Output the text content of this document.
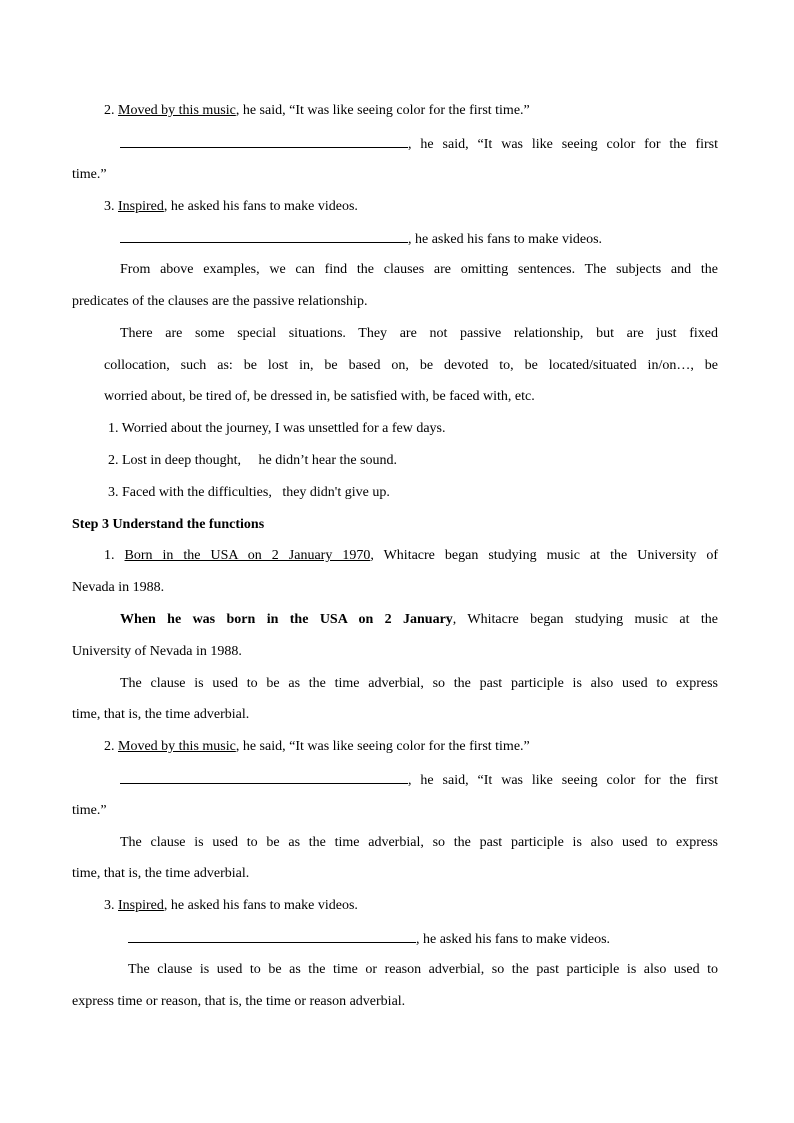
2. Moved by this music, he said, “It was like seeing color for the first time.”

, he said, “It was like seeing color for the first

time.”

3. Inspired, he asked his fans to make videos.

, he asked his fans to make videos.

From above examples, we can find the clauses are omitting sentences. The subjects and the

predicates of the clauses are the passive relationship.

There are some special situations. They are not passive relationship, but are just fixed

collocation, such as: be lost in, be based on, be devoted to, be located/situated in/on…, be

worried about, be tired of, be dressed in, be satisfied with, be faced with, etc.

1. Worried about the journey, I was unsettled for a few days.

2. Lost in deep thought,     he didn’t hear the sound.

3. Faced with the difficulties,   they didn't give up.

Step 3 Understand the functions

1. Born in the USA on 2 January 1970, Whitacre began studying music at the University of

Nevada in 1988.

When he was born in the USA on 2 January, Whitacre began studying music at the

University of Nevada in 1988.

The clause is used to be as the time adverbial, so the past participle is also used to express

time, that is, the time adverbial.

2. Moved by this music, he said, “It was like seeing color for the first time.”

, he said, “It was like seeing color for the first

time.”

The clause is used to be as the time adverbial, so the past participle is also used to express

time, that is, the time adverbial.

3. Inspired, he asked his fans to make videos.

, he asked his fans to make videos.

The clause is used to be as the time or reason adverbial, so the past participle is also used to

express time or reason, that is, the time or reason adverbial.
